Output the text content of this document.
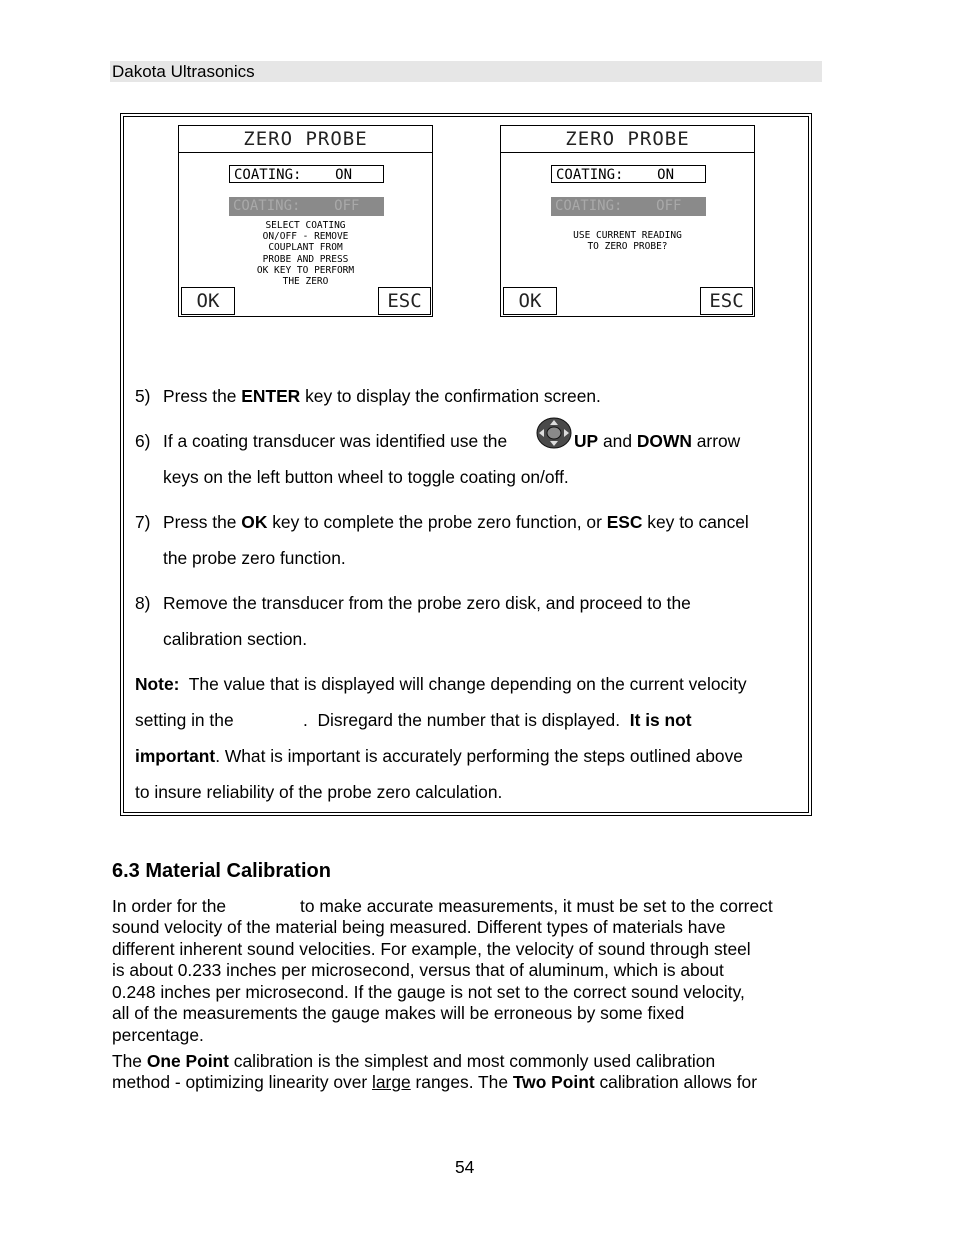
Dakota Ultrasonics
ZERO PROBE
COATING:    ON
COATING:    OFF
SELECT COATING
ON/OFF - REMOVE
COUPLANT FROM
PROBE AND PRESS
OK KEY TO PERFORM
THE ZERO
OK	ESC
ZERO PROBE
COATING:    ON
COATING:    OFF
USE CURRENT READING
TO ZERO PROBE?
OK	ESC
5) Press the ENTER key to display the confirmation screen.
6) If a coating transducer was identified use the	UP and DOWN arrow
keys on the left button wheel to toggle coating on/off.
7) Press the OK key to complete the probe zero function, or ESC key to cancel
the probe zero function.
8) Remove the transducer from the probe zero disk, and proceed to the
calibration section.
Note:  The value that is displayed will change depending on the current velocity
setting in the	.  Disregard the number that is displayed.  It is not
important. What is important is accurately performing the steps outlined above
to insure reliability of the probe zero calculation.
6.3 Material Calibration
In order for the	to make accurate measurements, it must be set to the correct
sound velocity of the material being measured. Different types of materials have
different inherent sound velocities. For example, the velocity of sound through steel
is about 0.233 inches per microsecond, versus that of aluminum, which is about
0.248 inches per microsecond. If the gauge is not set to the correct sound velocity,
all of the measurements the gauge makes will be erroneous by some fixed
percentage.
The One Point calibration is the simplest and most commonly used calibration
method - optimizing linearity over large ranges. The Two Point calibration allows for
54
